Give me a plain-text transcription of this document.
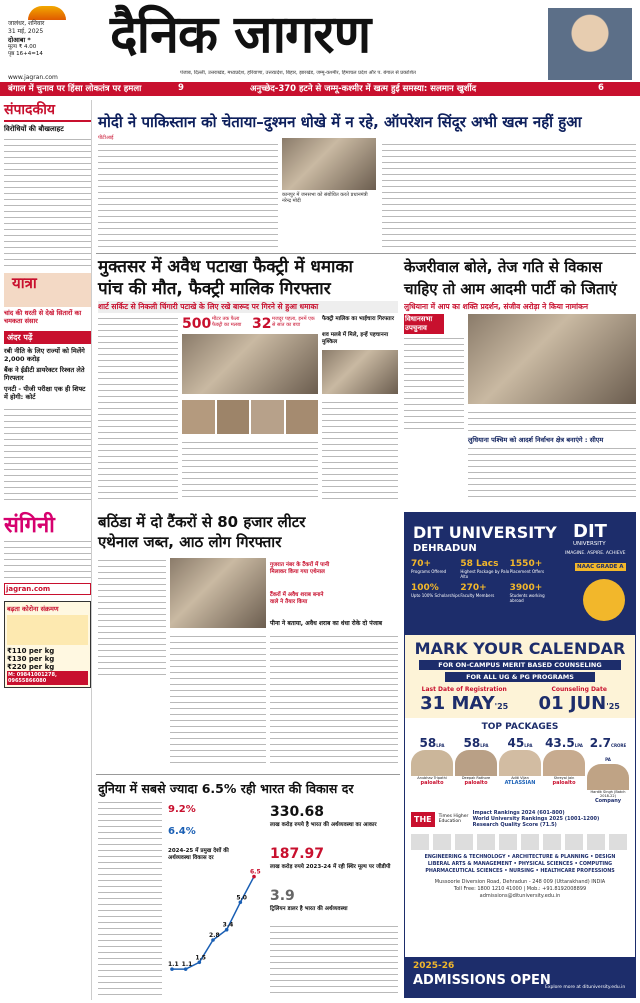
जालंधर, शनिवार
31 मई, 2025
दोआबा *
मूल्य ₹ 4.00
पृष्ठ 16+4=14
www.jagran.com
दैनिक जागरण
पंजाब, दिल्ली, उत्तराखंड, मध्यप्रदेश, हरियाणा, उत्तरप्रदेश, बिहार, झारखंड, जम्मू-कश्मीर, हिमाचल प्रदेश और प. बंगाल से प्रकाशित
बंगाल में चुनाव पर हिंसा लोकतंत्र पर हमला	9	अनुच्छेद-370 हटने से जम्मू-कश्मीर में खत्म हुई समस्या: सलमान खुर्शीद	6
संपादकीय
विरोधियों की बौखलाहट
यात्रा
चांद की धरती से देखे सितारों का चमकता संसार
अंदर पढ़ें
रबी नीति के लिए राज्यों को मिलेंगे 2,000 करोड़
बैंक ने ईडीटी डायरेक्टर रिश्वत लेते गिरफ्तार
एनटी - पीजी परीक्षा एक ही शिफ्ट में होगी: कोर्ट
संगिनी
jagran.com
बढ़ता कोरोना संक्रमण
₹110 per kg
₹130 per kg
₹220 per kg
M: 09841001278, 09655866080
मोदी ने पाकिस्तान को चेताया–दुश्मन धोखे में न रहे, ऑपरेशन सिंदूर अभी खत्म नहीं हुआ
पीटीआई
कानपुर में जनसभा को संबोधित करते प्रधानमंत्री नरेन्द्र मोदी
मुक्तसर में अवैध पटाखा फैक्ट्री में धमाका
पांच की मौत, फैक्ट्री मालिक गिरफ्तार
शार्ट सर्किट से निकली चिंगारी पटाखे के लिए रखे बारूद पर गिरने से हुआ धमाका
500 मीटर तक फैला फैक्ट्री का मलबा 32 मजदूर पहला, इनमें एक से सात का बचा
फैक्ट्री मालिक का भाईचारा गिरफ्तार
शव मलबे में मिले, इन्हें पहचानना मुश्किल
केजरीवाल बोले, तेज गति से विकास
चाहिए तो आम आदमी पार्टी को जिताएं
लुधियाना में आप का शक्ति प्रदर्शन, संजीव अरोड़ा ने किया नामांकन
विधानसभा उपचुनाव
लुधियाना पश्चिम को आदर्श निर्वाचन क्षेत्र बनाएंगे : सीएम
बठिंडा में दो टैंकरों से 80 हजार लीटर
एथेनाल जब्त, आठ लोग गिरफ्तार
गुजरात नंबर के टैंकरों में पानी मिलाकर किया गया एथेनाल
टैंकरों में अवैध शराब बनाने वाले ने तैयार किया
पीना ने बताया, अवैध शराब का धंधा रोके दो पंजाब
दुनिया में सबसे ज्यादा 6.5% रही भारत की विकास दर
9.2%
6.4%
2024-25 में प्रमुख देशों की अर्थव्यवस्था विकास दर
1.1 1.1
1.5
2.8
3.4
5.0
6.5
330.68
लाख करोड़ रुपये है भारत की अर्थव्यवस्था का आकार
187.97
लाख करोड़ रुपये 2023-24 में रही स्थिर मूल्य पर जीडीपी
3.9
ट्रिलियन डालर है भारत की अर्थव्यवस्था
DIT UNIVERSITY
DEHRADUN
DIT
UNIVERSITY
IMAGINE. ASPIRE. ACHIEVE
NAAC GRADE A
70+
Programs Offered
58 Lacs
Highest Package by Palo Alto
1550+
Placement Offers
100%
Upto 100% Scholarships
270+
Faculty Members
3900+
Students working abroad
MARK YOUR CALENDAR
FOR ON-CAMPUS MERIT BASED COUNSELING
FOR ALL UG & PG PROGRAMS
Last Date of Registration
31 MAY'25
Counseling Date
01 JUN'25
TOP PACKAGES
58LPA
Anubhav Tripathi
paloalto
58LPA
Deepak Rathore
paloalto
45LPA
Aditi Vijan
ATLASSIAN
43.5LPA
Shreyal Jain
paloalto
2.7CRORE PA
Hardik Singh (Batch 2018-22)
Company
THE	Times Higher Education
Impact Rankings 2024 (601-800)
World University Rankings 2025 (1001-1200)
Research Quality Score (71.5)
ENGINEERING & TECHNOLOGY • ARCHITECTURE & PLANNING • DESIGN
LIBERAL ARTS & MANAGEMENT • PHYSICAL SCIENCES • COMPUTING
PHARMACEUTICAL SCIENCES • NURSING • HEALTHCARE PROFESSIONS
Mussoorie Diversion Road, Dehradun - 248 009 (Uttarakhand) INDIA
Toll Free: 1800 1210 41000 | Mob.: +91.8192008899
admissions@dituniversity.edu.in
2025-26
ADMISSIONS OPEN
Explore more at dituniversity.edu.in
